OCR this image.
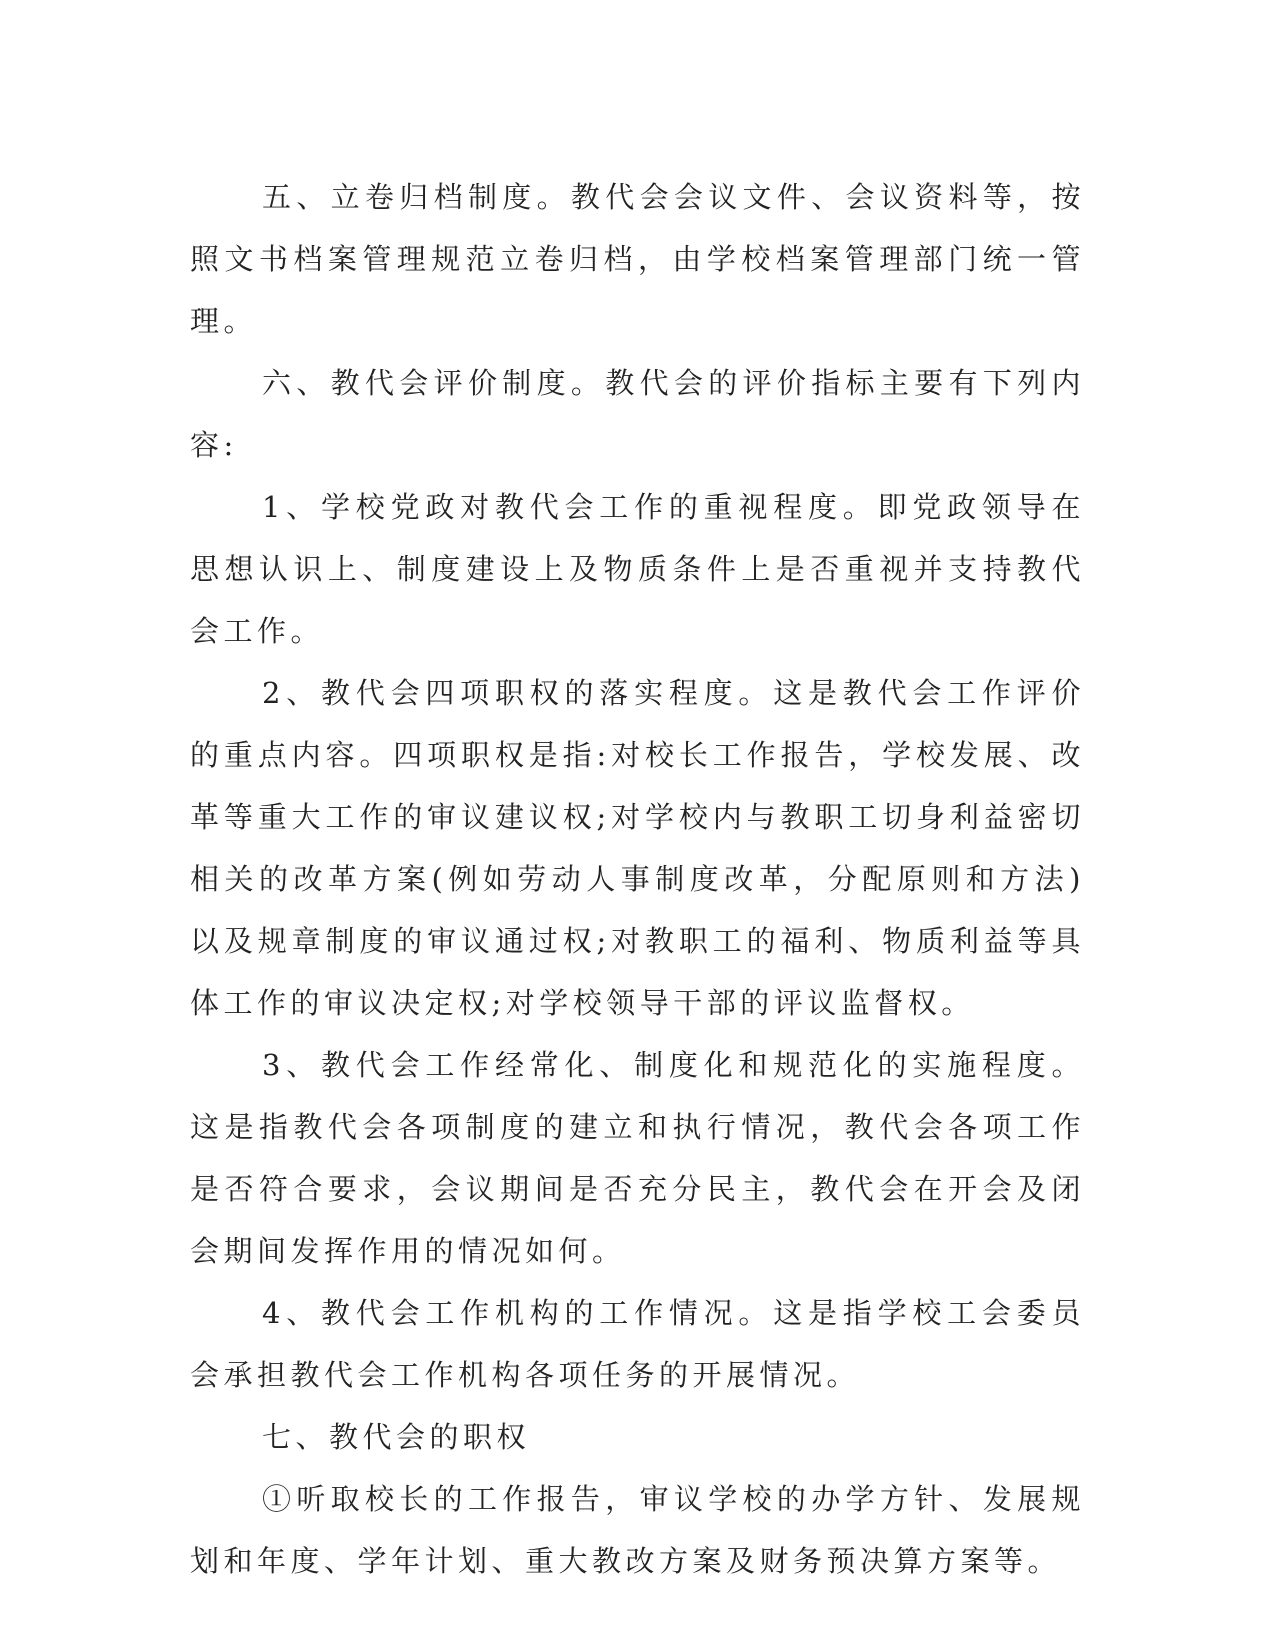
五、立卷归档制度。教代会会议文件、会议资料等，按照文书档案管理规范立卷归档，由学校档案管理部门统一管理。

六、教代会评价制度。教代会的评价指标主要有下列内容:

1、学校党政对教代会工作的重视程度。即党政领导在思想认识上、制度建设上及物质条件上是否重视并支持教代会工作。

2、教代会四项职权的落实程度。这是教代会工作评价的重点内容。四项职权是指:对校长工作报告，学校发展、改革等重大工作的审议建议权;对学校内与教职工切身利益密切相关的改革方案(例如劳动人事制度改革，分配原则和方法)以及规章制度的审议通过权;对教职工的福利、物质利益等具体工作的审议决定权;对学校领导干部的评议监督权。

3、教代会工作经常化、制度化和规范化的实施程度。这是指教代会各项制度的建立和执行情况，教代会各项工作是否符合要求，会议期间是否充分民主，教代会在开会及闭会期间发挥作用的情况如何。

4、教代会工作机构的工作情况。这是指学校工会委员会承担教代会工作机构各项任务的开展情况。

七、教代会的职权

①听取校长的工作报告，审议学校的办学方针、发展规划和年度、学年计划、重大教改方案及财务预决算方案等。
